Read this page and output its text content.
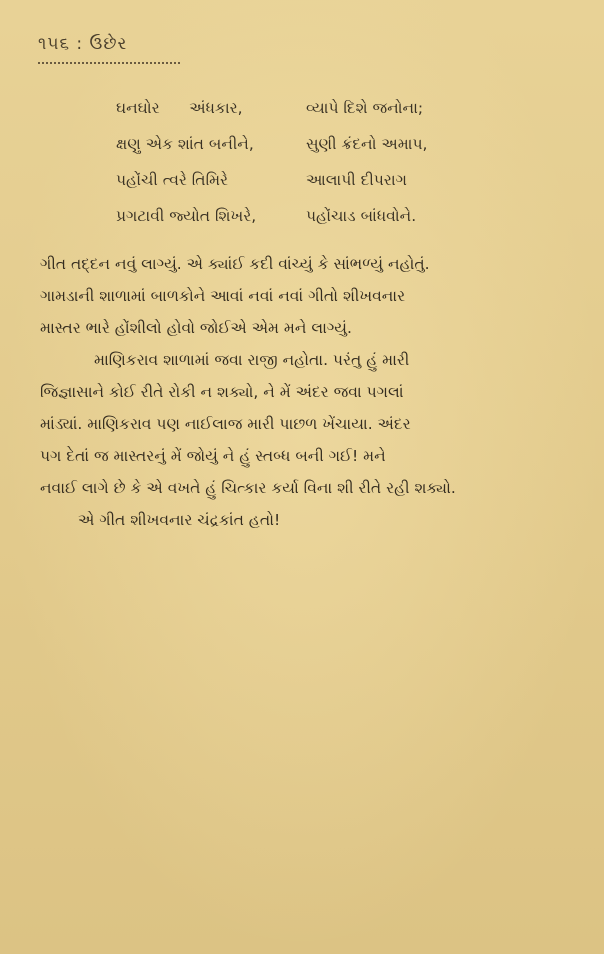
૧૫૬ : ઉછેર
ઘનઘોર અંધકાર,	વ્યાપે દિશે જનોના;
ક્ષણુ એક શાંત બનીને,	સુણી ક્રંદનો અમાપ,
પહોંચી ત્વરે તિમિરે	આલાપી દીપરાગ
પ્રગટાવી જ્યોત શિખરે,	પહોંચાડ બાંધવોને.
ગીત તદ્દન નવું લાગ્યું. એ ક્યાંઈ કદી વાંચ્યું કે સાંભળ્યું નહોતું.
ગામડાની શાળામાં બાળકોને આવાં નવાં નવાં ગીતો શીખવનાર
માસ્તર ભારે હોંશીલો હોવો જોઈએ એમ મને લાગ્યું.
માણિકરાવ શાળામાં જવા રાજી નહોતા. પરંતુ હું મારી
જિજ્ઞાસાને કોઈ રીતે રોકી ન શક્યો, ને મેં અંદર જવા પગલાં
માંડ્યાં. માણિકરાવ પણ નાઈલાજ મારી પાછળ ખેંચાયા. અંદર
પગ દેતાં જ માસ્તરનું મેં જોયું ને હું સ્તબ્ધ બની ગઈ! મને
નવાઈ લાગે છે કે એ વખતે હું ચિત્કાર કર્યા વિના શી રીતે રહી શક્યો.
એ ગીત શીખવનાર ચંદ્રકાંત હતો!
